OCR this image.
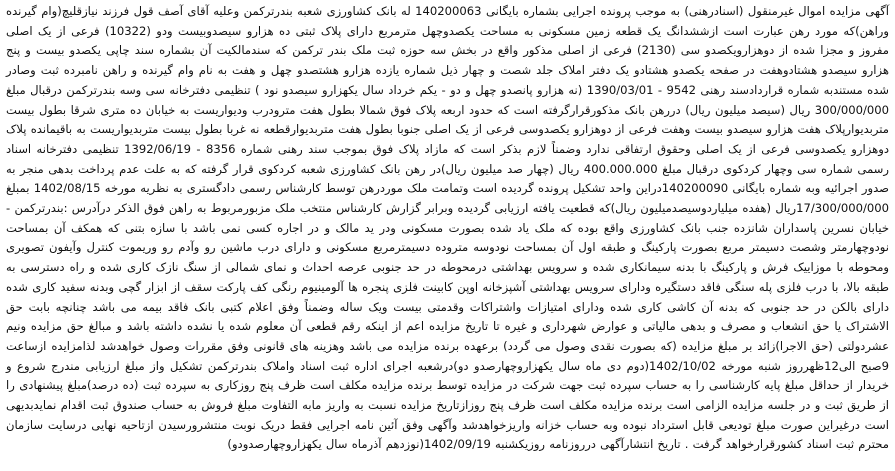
آگهی مزایده اموال غیرمنقول (اسنادرهنی) به موجب پرونده اجرایی بشماره بایگانی 140200063 له بانک کشاورزی شعبه بندرترکمن وعلیه آقای آصف قول فرزند نیازقلیچ(وام گیرنده وراهن)که مورد رهن عبارت است ازششدانگ یک قطعه زمین مسکونی به مساحت یکصدوچهل مترمربع دارای پلاک ثبتی ده هزارو سیصدوبیست ودو (10322) فرعی از یک اصلی مفروز و مجزا شده از دوهزارویکصدو سی (2130) فرعی از اصلی مذکور واقع در بخش سه حوزه ثبت ملک بندر ترکمن که سندمالکیت آن بشماره سند چاپی یکصدو بیست و پنج هزارو سیصدو هشتادوهفت در صفحه یکصدو هشتادو یک دفتر املاک جلد شصت و چهار ذیل شماره یازده هزارو هشتصدو چهل و هفت به نام وام گیرنده و راهن نامبرده ثبت وصادر شده مستندبه شماره قراردادسند رهنی 9542 - 1390/03/01 (نه هزارو پانصدو چهل و دو - یکم خرداد سال یکهزارو سیصدو نود ) تنظیمی دفترخانه سی وسه بندرترکمن درقبال مبلغ 300/000/000 ریال (سیصد میلیون ریال) دررهن بانک مذکورقرارگرفته است که حدود اربعه پلاک فوق شمالا بطول هفت مترودرب ودیواریست به خیابان ده متری شرقا بطول بیست متربدیوارپلاک هفت هزارو سیصدو بیست وهفت فرعی از دوهزارو یکصدوسی فرعی از یک اصلی جنوبا بطول هفت متربدیوارقطعه نه غربا بطول بیست متربدیواریست به باقیمانده پلاک دوهزارو یکصدوسی فرعی از یک اصلی وحقوق ارتفاقی ندارد وضمناً لازم بذکر است که مازاد پلاک فوق بموجب سند رهنی شماره 8356 - 1392/06/19 تنظیمی دفترخانه اسناد رسمی شماره سی وچهار کردکوی درقبال مبلغ 400.000.000 ریال (چهار صد میلیون ریال)در رهن بانک کشاورزی شعبه کردکوی قرار گرفته که به علت عدم پرداخت بدهی منجر به صدور اجرائیه وبه شماره بایگانی 140200090دراین واحد تشکیل پرونده گردیده است وتمامت ملک موردرهن توسط کارشناس رسمی دادگستری به نظریه مورخه 1402/08/15 بمبلغ 17/300/000/000ریال (هفده میلیاردوسیصدمیلیون ریال)که قطعیت یافته ارزیابی گردیده وبرابر گزارش کارشناس منتخب ملک مزبورمربوط به راهن فوق الذکر درآدرس :بندرترکمن - خیابان نسرین پاسداران شانزده جنب بانک کشاورزی واقع بوده که ملک یاد شده بصورت مسکونی ودر ید مالک و در اجاره کسی نمی باشد با سازه بتنی که همکف آن بمساحت نودوچهارمتر وشصت دسیمتر مربع بصورت پارکینگ و طبقه اول آن بمساحت نودوسه متروده دسیمترمربع مسکونی و دارای درب ماشین رو وآدم رو وریموت کنترل وآیفون تصویری ومحوطه با موزاییک فرش و پارکینگ با بدنه سیمانکاری شده و سرویس بهداشتی درمحوطه در حد جنوبی عرصه احداث و نمای شمالی از سنگ نازک کاری شده و راه دسترسی به طبقه بالا، با درب فلزی پله سنگی فاقد دستگیره ودارای سرویس بهداشتی آشپزخانه اوپن کابینت فلزی پنجره ها آلومینیوم رنگی کف پارکت سقف از ابزار گچی وبدنه سفید کاری شده دارای بالکن در حد جنوبی که بدنه آن کاشی کاری شده ودارای امتیازات واشتراکات وقدمتی بیست ویک ساله وضمناً وفق اعلام کتبی بانک فاقد بیمه می باشد چنانچه بابت حق الاشتراک یا حق انشعاب و مصرف و بدهی مالیاتی و عوارض شهرداری و غیره تا تاریخ مزایده اعم از اینکه رقم قطعی آن معلوم شده یا نشده داشته باشد و مبالغ حق مزایده ونیم عشردولتی (حق الاجرا)زائد بر مبلغ مزایده (که بصورت نقدی وصول می گردد) برعهده برنده مزایده می باشد وهزینه های قانونی وفق مقررات وصول خواهدشد لذامزایده ازساعت 9صبح الی12ظهرروز شنبه مورخه 1402/10/02(دوم دی ماه سال یکهزاروچهارصدو دو)درشعبه اجرای اداره ثبت اسناد واملاک بندرترکمن تشکیل واز مبلغ ارزیابی مندرج شروع و خریدار از حداقل مبلغ پایه کارشناسی را به حساب سپرده ثبت جهت شرکت در مزایده توسط برنده مزایده مکلف است ظرف پنج روزکاری به سپرده ثبت (ده درصد)مبلغ پیشنهادی را از طریق ثبت و در جلسه مزایده الزامی است برنده مزایده مکلف است ظرف پنج روزازتاریخ مزایده نسبت به واریز مابه التفاوت مبلغ فروش به حساب صندوق ثبت اقدام نمایدبدیهی است درغیراین صورت مبلغ تودیعی قابل استرداد نبوده وبه حساب خزانه واریزخواهدشد وآگهی وفق آئین نامه اجرایی فقط دریک نوبت منتشرورسیدن ازتاحیه نهایی درسایت سازمان محترم ثبت اسناد کشورقرارخواهد گرفت . تاریخ انتشارآگهی درروزنامه روزیکشنبه 1402/09/19(نوزدهم آذرماه سال یکهزاروچهارصدودو)
